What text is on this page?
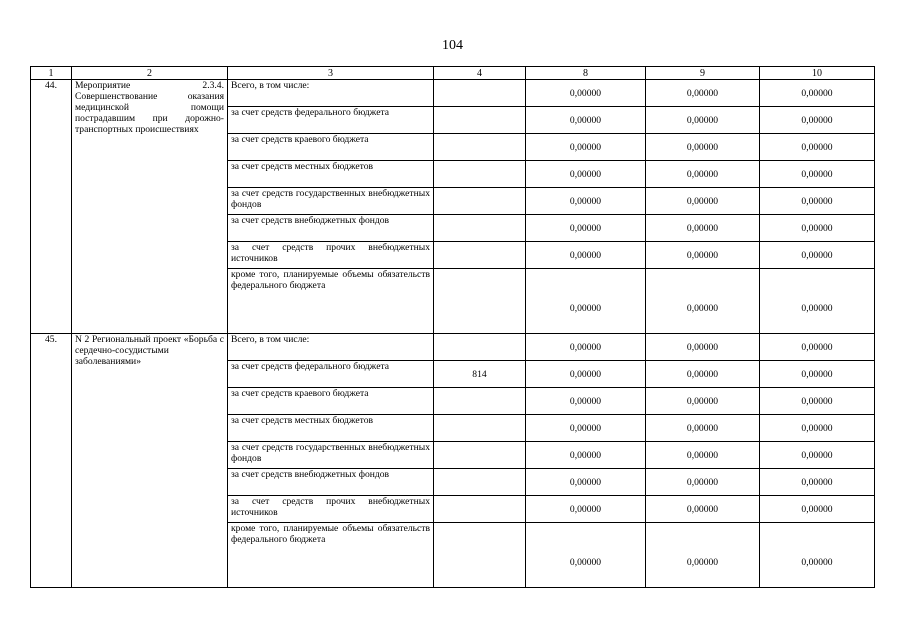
104
1	2	3	4	8	9	10
44.	Мероприятие 2.3.4. Совершенствование оказания медицинской помощи пострадавшим при дорожно- транспортных происшествиях	Всего, в том числе:		0,00000	0,00000	0,00000
		за счет средств федерального бюджета		0,00000	0,00000	0,00000
		за счет средств краевого бюджета		0,00000	0,00000	0,00000
		за счет средств местных бюджетов		0,00000	0,00000	0,00000
		за счет средств государственных внебюджетных фондов		0,00000	0,00000	0,00000
		за счет средств внебюджетных фондов		0,00000	0,00000	0,00000
		за счет средств прочих внебюджетных источников		0,00000	0,00000	0,00000
		кроме того, планируемые объемы обязательств федерального бюджета		0,00000	0,00000	0,00000
45.	N 2 Региональный проект «Борьба с сердечно-сосудистыми заболеваниями»	Всего, в том числе:		0,00000	0,00000	0,00000
		за счет средств федерального бюджета	814	0,00000	0,00000	0,00000
		за счет средств краевого бюджета		0,00000	0,00000	0,00000
		за счет средств местных бюджетов		0,00000	0,00000	0,00000
		за счет средств государственных внебюджетных фондов		0,00000	0,00000	0,00000
		за счет средств внебюджетных фондов		0,00000	0,00000	0,00000
		за счет средств прочих внебюджетных источников		0,00000	0,00000	0,00000
		кроме того, планируемые объемы обязательств федерального бюджета		0,00000	0,00000	0,00000
